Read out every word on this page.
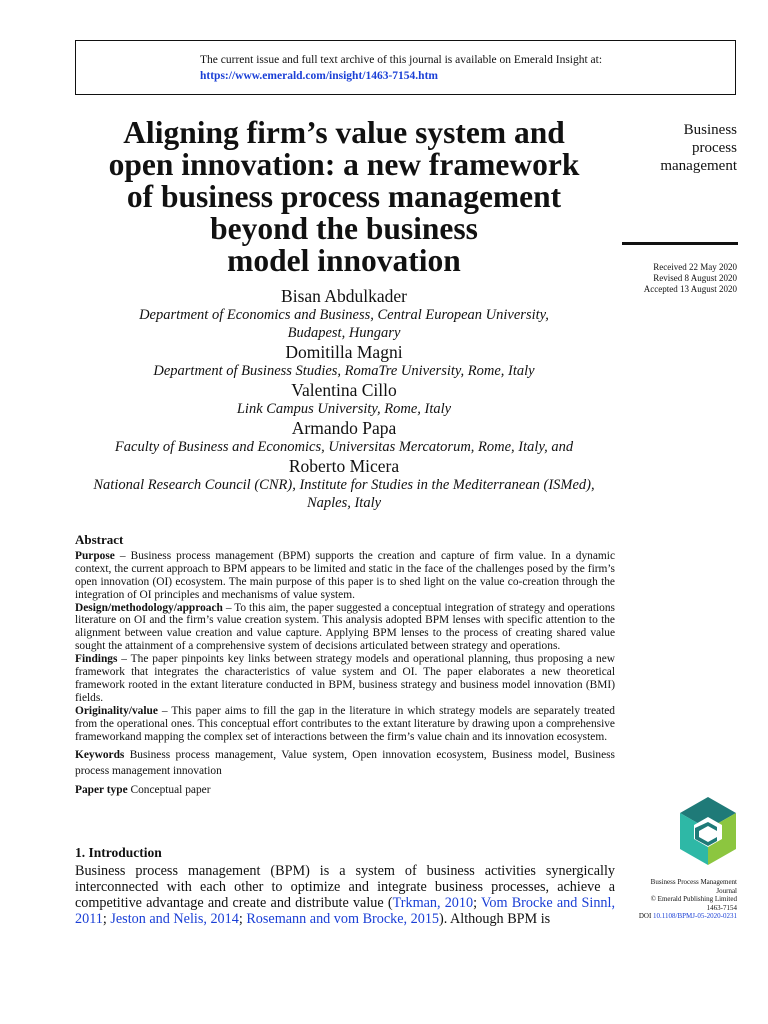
The current issue and full text archive of this journal is available on Emerald Insight at:
https://www.emerald.com/insight/1463-7154.htm
Aligning firm’s value system and
open innovation: a new framework
of business process management
beyond the business
model innovation
Bisan Abdulkader
Department of Economics and Business, Central European University,
Budapest, Hungary
Domitilla Magni
Department of Business Studies, RomaTre University, Rome, Italy
Valentina Cillo
Link Campus University, Rome, Italy
Armando Papa
Faculty of Business and Economics, Universitas Mercatorum, Rome, Italy, and
Roberto Micera
National Research Council (CNR), Institute for Studies in the Mediterranean (ISMed),
Naples, Italy
Abstract

Purpose – Business process management (BPM) supports the creation and capture of firm value. In a dynamic context, the current approach to BPM appears to be limited and static in the face of the challenges posed by the firm’s open innovation (OI) ecosystem. The main purpose of this paper is to shed light on the value co-creation through the integration of OI principles and mechanisms of value system.

Design/methodology/approach – To this aim, the paper suggested a conceptual integration of strategy and operations literature on OI and the firm’s value creation system. This analysis adopted BPM lenses with specific attention to the alignment between value creation and value capture. Applying BPM lenses to the process of creating shared value sought the attainment of a comprehensive system of decisions articulated between strategy and operations.

Findings – The paper pinpoints key links between strategy models and operational planning, thus proposing a new framework that integrates the characteristics of value system and OI. The paper elaborates a new theoretical framework rooted in the extant literature conducted in BPM, business strategy and business model innovation (BMI) fields.

Originality/value – This paper aims to fill the gap in the literature in which strategy models are separately treated from the operational ones. This conceptual effort contributes to the extant literature by drawing upon a comprehensive frameworkand mapping the complex set of interactions between the firm’s value chain and its innovation ecosystem.

Keywords Business process management, Value system, Open innovation ecosystem, Business model, Business process management innovation

Paper type Conceptual paper

1. Introduction

Business process management (BPM) is a system of business activities synergically interconnected with each other to optimize and integrate business processes, achieve a competitive advantage and create and distribute value (Trkman, 2010; Vom Brocke and Sinnl, 2011; Jeston and Nelis, 2014; Rosemann and vom Brocke, 2015). Although BPM is

Business
process
management
Received 22 May 2020
Revised 8 August 2020
Accepted 13 August 2020
Business Process Management
Journal
© Emerald Publishing Limited
1463-7154
DOI 10.1108/BPMJ-05-2020-0231
